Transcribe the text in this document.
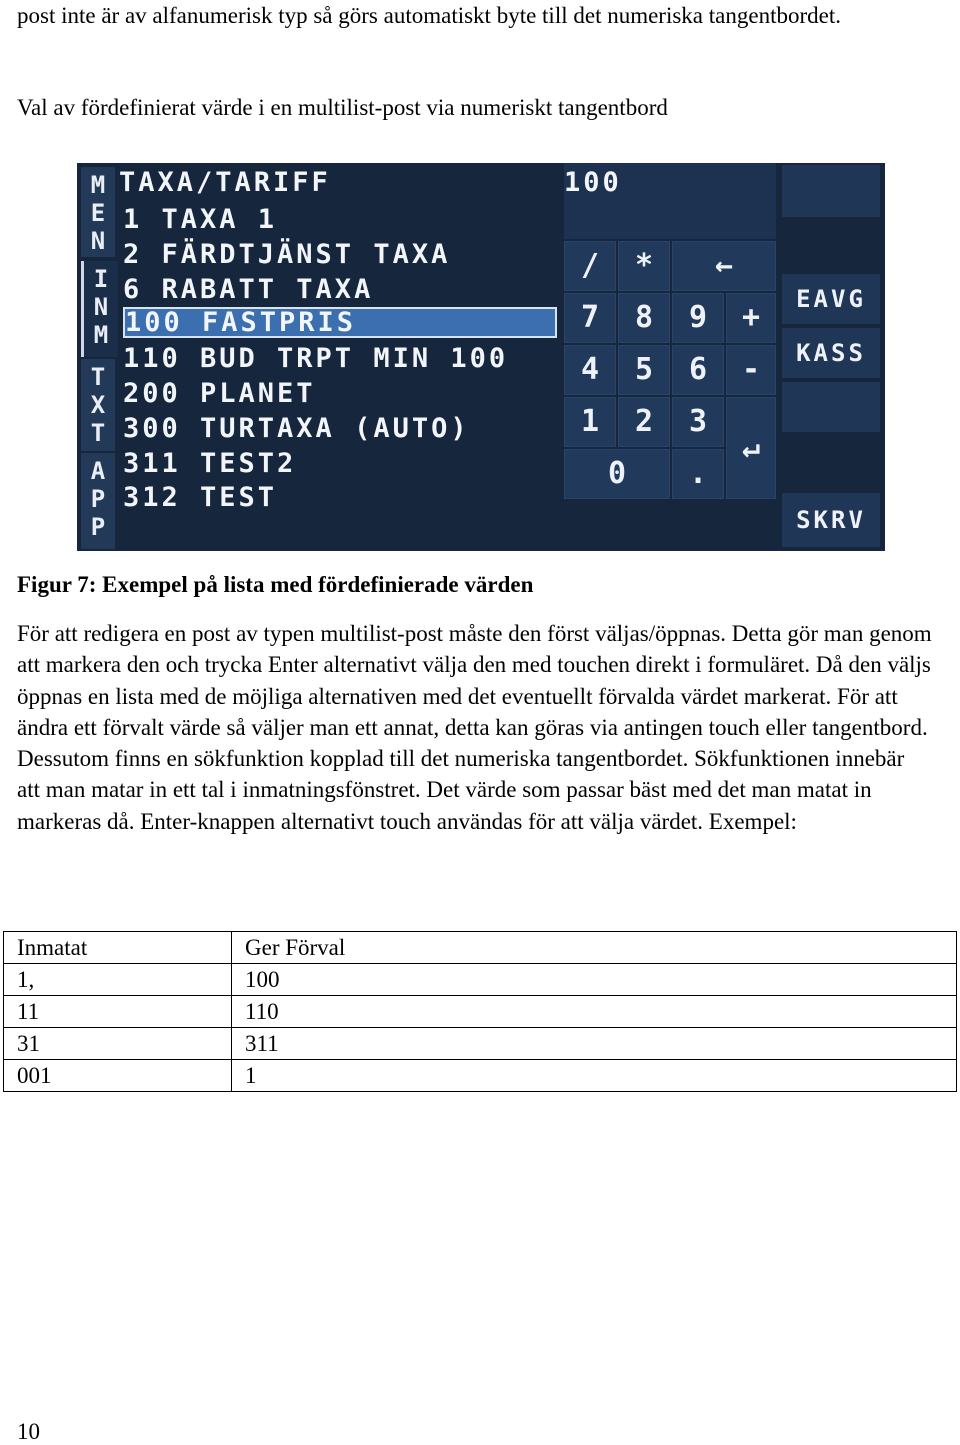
post inte är av alfanumerisk typ så görs automatiskt byte till det numeriska tangentbordet.

Val av fördefinierat värde i en multilist-post via numeriskt tangentbord

M
E
N
I
N
M
T
X
T
A
P
P
TAXA/TARIFF
1 TAXA 1
2 FÄRDTJÄNST TAXA
6 RABATT TAXA
100 FASTPRIS
110 BUD TRPT MIN 100
200 PLANET
300 TURTAXA (AUTO)
311 TEST2
312 TEST
100
/	*	←
7	8	9	+
4	5	6	-
1	2	3
↵
0	.
EAVG
KASS
SKRV

Figur 7: Exempel på lista med fördefinierade värden

För att redigera en post av typen multilist-post måste den först väljas/öppnas. Detta gör man genom att markera den och trycka Enter alternativt välja den med touchen direkt i formuläret. Då den väljs öppnas en lista med de möjliga alternativen med det eventuellt förvalda värdet markerat. För att ändra ett förvalt värde så väljer man ett annat, detta kan göras via antingen touch eller tangentbord. Dessutom finns en sökfunktion kopplad till det numeriska tangentbordet. Sökfunktionen innebär att man matar in ett tal i inmatningsfönstret. Det värde som passar bäst med det man matat in markeras då. Enter-knappen alternativt touch användas för att välja värdet. Exempel:

Inmatat	Ger Förval
1,	100
11	110
31	311
001	1

10
